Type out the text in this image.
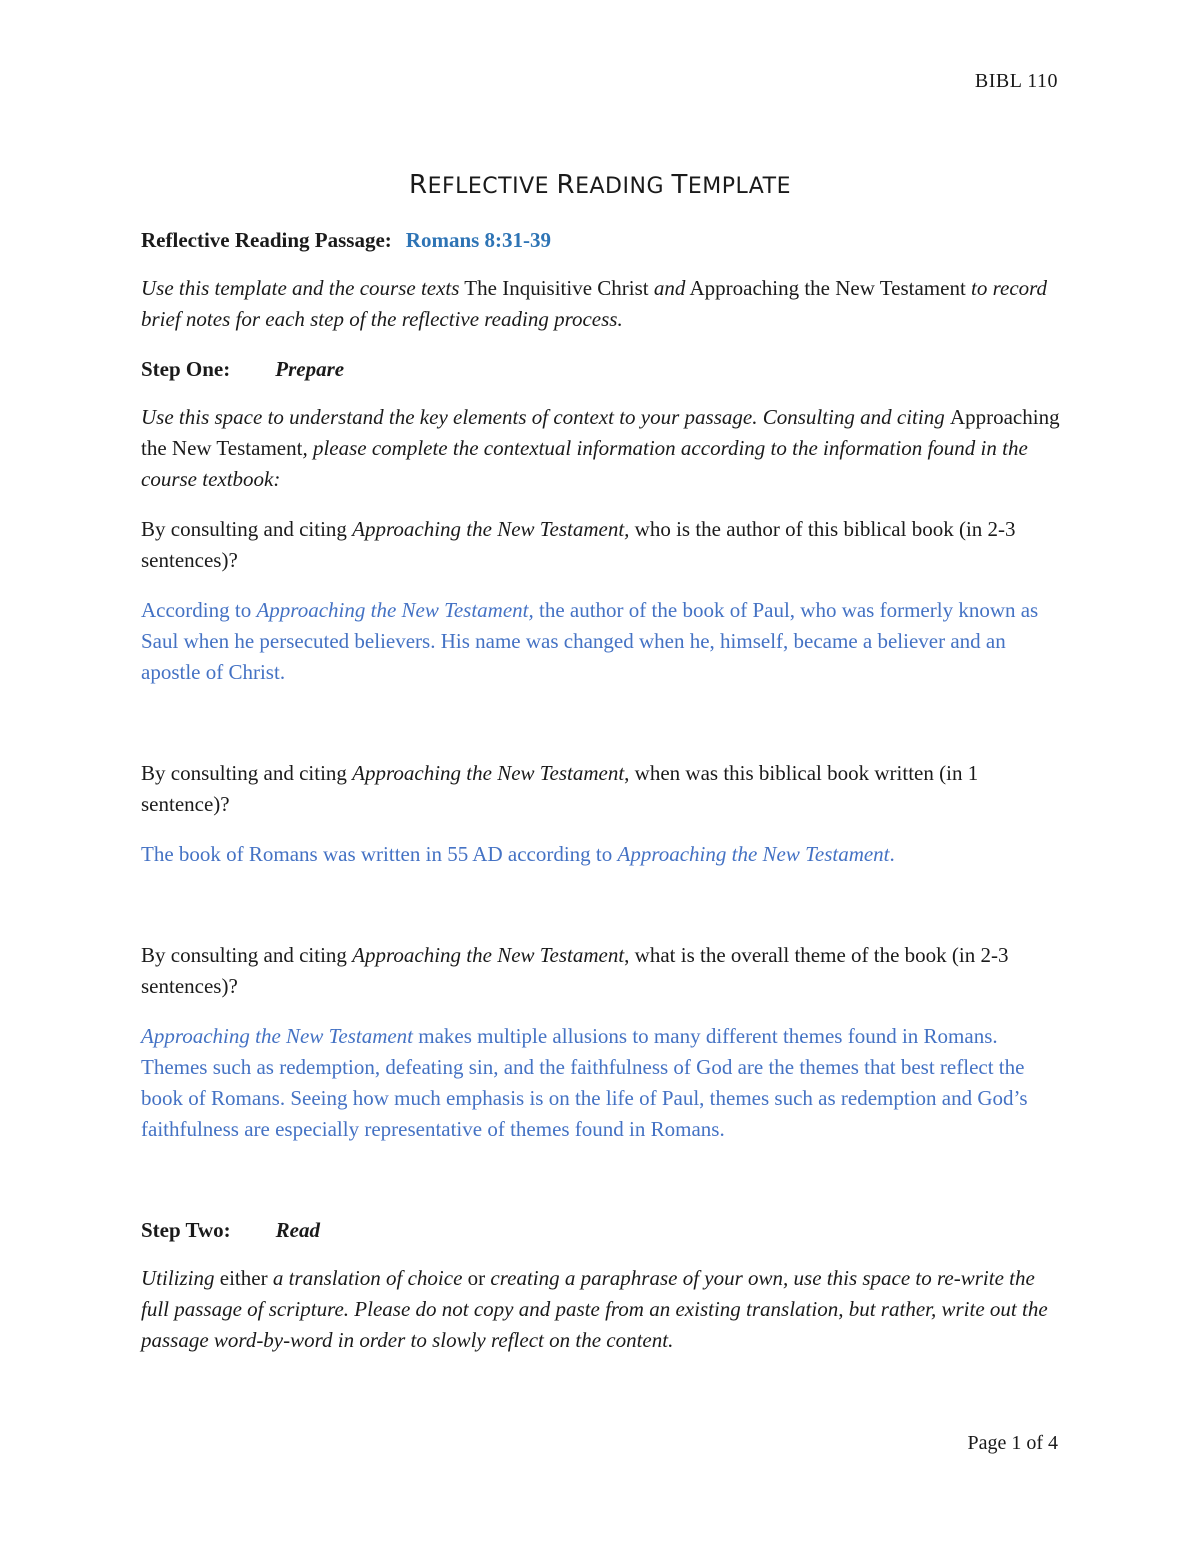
BIBL 110
REFLECTIVE READING TEMPLATE

Reflective Reading Passage: Romans 8:31-39

Use this template and the course texts The Inquisitive Christ and Approaching the New Testament to record brief notes for each step of the reflective reading process.

Step One: Prepare

Use this space to understand the key elements of context to your passage. Consulting and citing Approaching the New Testament, please complete the contextual information according to the information found in the course textbook:

By consulting and citing Approaching the New Testament, who is the author of this biblical book (in 2-3 sentences)?

According to Approaching the New Testament, the author of the book of Paul, who was formerly known as Saul when he persecuted believers. His name was changed when he, himself, became a believer and an apostle of Christ.

By consulting and citing Approaching the New Testament, when was this biblical book written (in 1 sentence)?

The book of Romans was written in 55 AD according to Approaching the New Testament.

By consulting and citing Approaching the New Testament, what is the overall theme of the book (in 2-3 sentences)?

Approaching the New Testament makes multiple allusions to many different themes found in Romans. Themes such as redemption, defeating sin, and the faithfulness of God are the themes that best reflect the book of Romans. Seeing how much emphasis is on the life of Paul, themes such as redemption and God’s faithfulness are especially representative of themes found in Romans.

Step Two: Read

Utilizing either a translation of choice or creating a paraphrase of your own, use this space to re-write the full passage of scripture. Please do not copy and paste from an existing translation, but rather, write out the passage word-by-word in order to slowly reflect on the content.

Page 1 of 4
